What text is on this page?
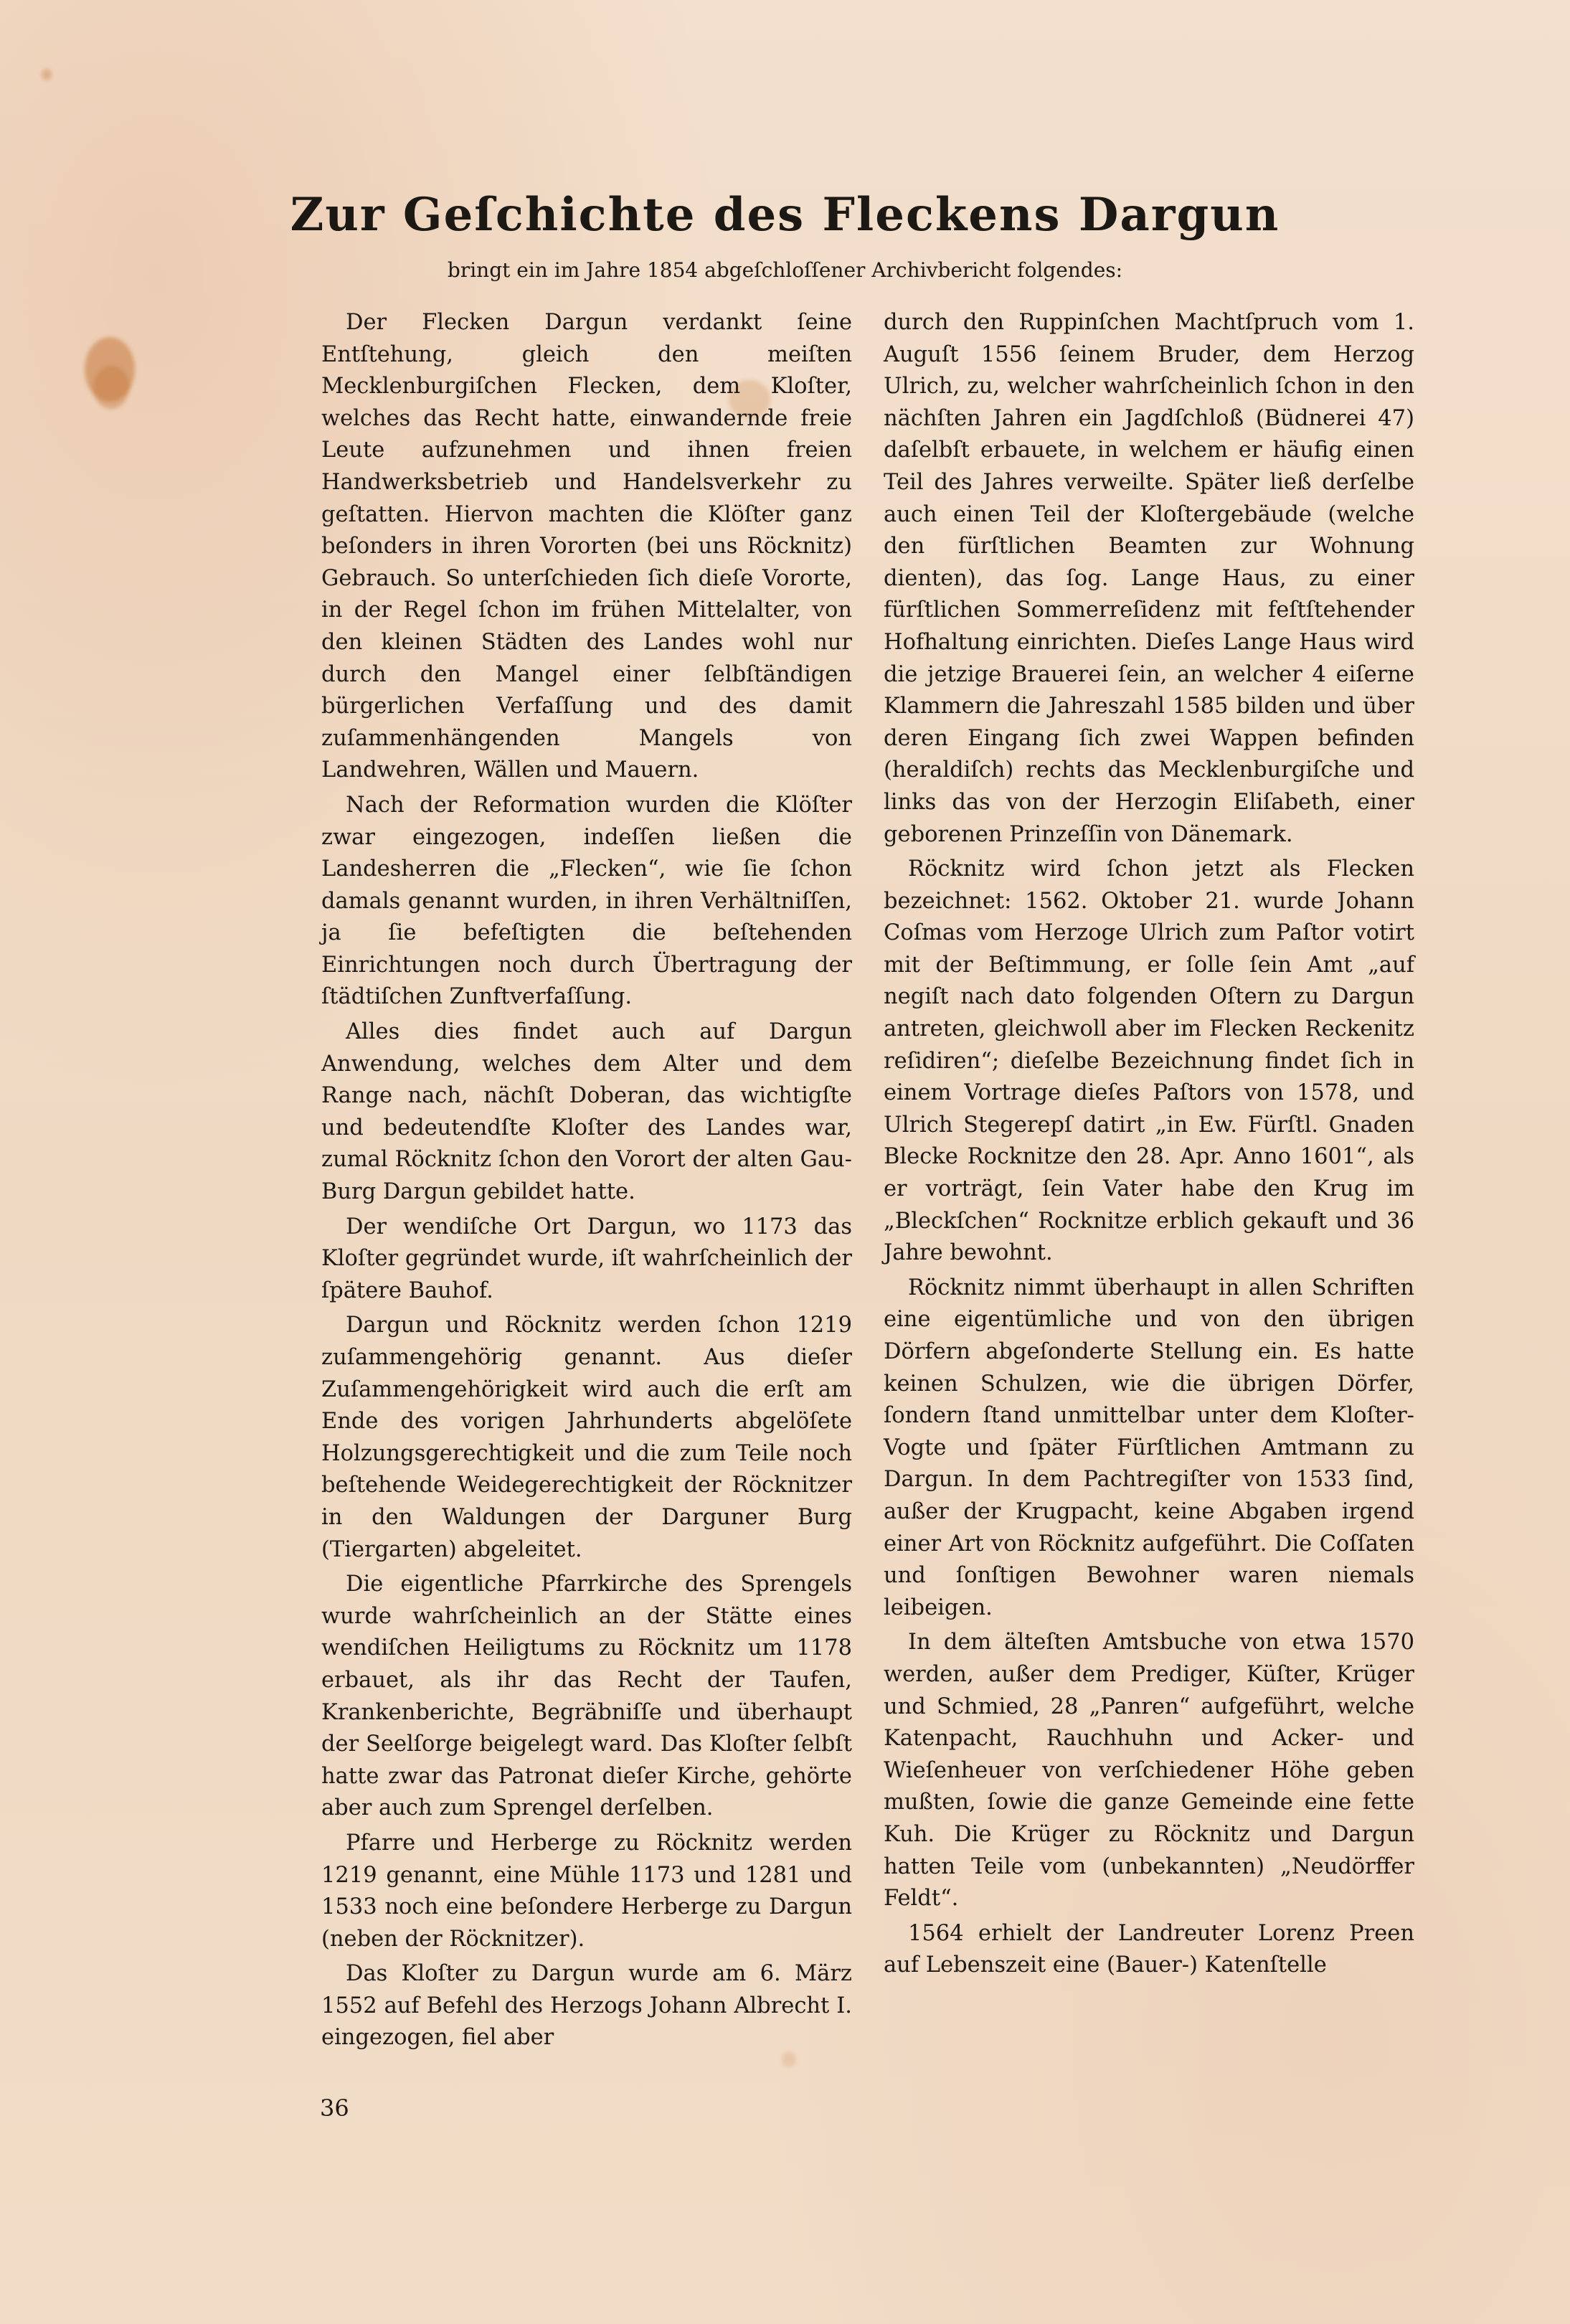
Zur Geſchichte des Fleckens Dargun
bringt ein im Jahre 1854 abgeſchloſſener Archivbericht folgendes:

Der Flecken Dargun verdankt ſeine Entſtehung, gleich den meiſten Mecklenburgiſchen Flecken, dem Kloſter, welches das Recht hatte, einwandernde freie Leute aufzunehmen und ihnen freien Handwerksbetrieb und Handelsverkehr zu geſtatten. Hiervon machten die Klöſter ganz beſonders in ihren Vororten (bei uns Röcknitz) Gebrauch. So unterſchieden ſich dieſe Vororte, in der Regel ſchon im frühen Mittelalter, von den kleinen Städten des Landes wohl nur durch den Mangel einer ſelbſtändigen bürgerlichen Verfaſſung und des damit zuſammenhängenden Mangels von Landwehren, Wällen und Mauern.

Nach der Reformation wurden die Klöſter zwar eingezogen, indeſſen ließen die Landesherren die „Flecken“, wie ſie ſchon damals genannt wurden, in ihren Verhältniſſen, ja ſie befeſtigten die beſtehenden Einrichtungen noch durch Übertragung der ſtädtiſchen Zunftverfaſſung.

Alles dies findet auch auf Dargun Anwendung, welches dem Alter und dem Range nach, nächſt Doberan, das wichtigſte und bedeutendſte Kloſter des Landes war, zumal Röcknitz ſchon den Vorort der alten Gau-Burg Dargun gebildet hatte.

Der wendiſche Ort Dargun, wo 1173 das Kloſter gegründet wurde, iſt wahrſcheinlich der ſpätere Bauhof.

Dargun und Röcknitz werden ſchon 1219 zuſammengehörig genannt. Aus dieſer Zuſammengehörigkeit wird auch die erſt am Ende des vorigen Jahrhunderts abgelöſete Holzungsgerechtigkeit und die zum Teile noch beſtehende Weidegerechtigkeit der Röcknitzer in den Waldungen der Darguner Burg (Tiergarten) abgeleitet.

Die eigentliche Pfarrkirche des Sprengels wurde wahrſcheinlich an der Stätte eines wendiſchen Heiligtums zu Röcknitz um 1178 erbauet, als ihr das Recht der Taufen, Krankenberichte, Begräbniſſe und überhaupt der Seelſorge beigelegt ward. Das Kloſter ſelbſt hatte zwar das Patronat dieſer Kirche, gehörte aber auch zum Sprengel derſelben.

Pfarre und Herberge zu Röcknitz werden 1219 genannt, eine Mühle 1173 und 1281 und 1533 noch eine beſondere Herberge zu Dargun (neben der Röcknitzer).

Das Kloſter zu Dargun wurde am 6. März 1552 auf Befehl des Herzogs Johann Albrecht I. eingezogen, fiel aber

durch den Ruppinſchen Machtſpruch vom 1. Auguſt 1556 ſeinem Bruder, dem Herzog Ulrich, zu, welcher wahrſcheinlich ſchon in den nächſten Jahren ein Jagdſchloß (Büdnerei 47) daſelbſt erbauete, in welchem er häufig einen Teil des Jahres verweilte. Später ließ derſelbe auch einen Teil der Kloſtergebäude (welche den fürſtlichen Beamten zur Wohnung dienten), das ſog. Lange Haus, zu einer fürſtlichen Sommerreſidenz mit feſtſtehender Hofhaltung einrichten. Dieſes Lange Haus wird die jetzige Brauerei ſein, an welcher 4 eiſerne Klammern die Jahreszahl 1585 bilden und über deren Eingang ſich zwei Wappen befinden (heraldiſch) rechts das Mecklenburgiſche und links das von der Herzogin Eliſabeth, einer geborenen Prinzeſſin von Dänemark.

Röcknitz wird ſchon jetzt als Flecken bezeichnet: 1562. Oktober 21. wurde Johann Coſmas vom Herzoge Ulrich zum Paſtor votirt mit der Beſtimmung, er ſolle ſein Amt „auf negiſt nach dato folgenden Oſtern zu Dargun antreten, gleichwoll aber im Flecken Reckenitz reſidiren“; dieſelbe Bezeichnung findet ſich in einem Vortrage dieſes Paſtors von 1578, und Ulrich Stegerepſ datirt „in Ew. Fürſtl. Gnaden Blecke Rocknitze den 28. Apr. Anno 1601“, als er vorträgt, ſein Vater habe den Krug im „Bleckſchen“ Rocknitze erblich gekauft und 36 Jahre bewohnt.

Röcknitz nimmt überhaupt in allen Schriften eine eigentümliche und von den übrigen Dörfern abgeſonderte Stellung ein. Es hatte keinen Schulzen, wie die übrigen Dörfer, ſondern ſtand unmittelbar unter dem Kloſter-Vogte und ſpäter Fürſtlichen Amtmann zu Dargun. In dem Pachtregiſter von 1533 ſind, außer der Krugpacht, keine Abgaben irgend einer Art von Röcknitz aufgeführt. Die Coſſaten und ſonſtigen Bewohner waren niemals leibeigen.

In dem älteſten Amtsbuche von etwa 1570 werden, außer dem Prediger, Küſter, Krüger und Schmied, 28 „Panren“ aufgeführt, welche Katenpacht, Rauchhuhn und Acker- und Wieſenheuer von verſchiedener Höhe geben mußten, ſowie die ganze Gemeinde eine fette Kuh. Die Krüger zu Röcknitz und Dargun hatten Teile vom (unbekannten) „Neudörffer Feldt“.

1564 erhielt der Landreuter Lorenz Preen auf Lebenszeit eine (Bauer-) Katenſtelle

36
